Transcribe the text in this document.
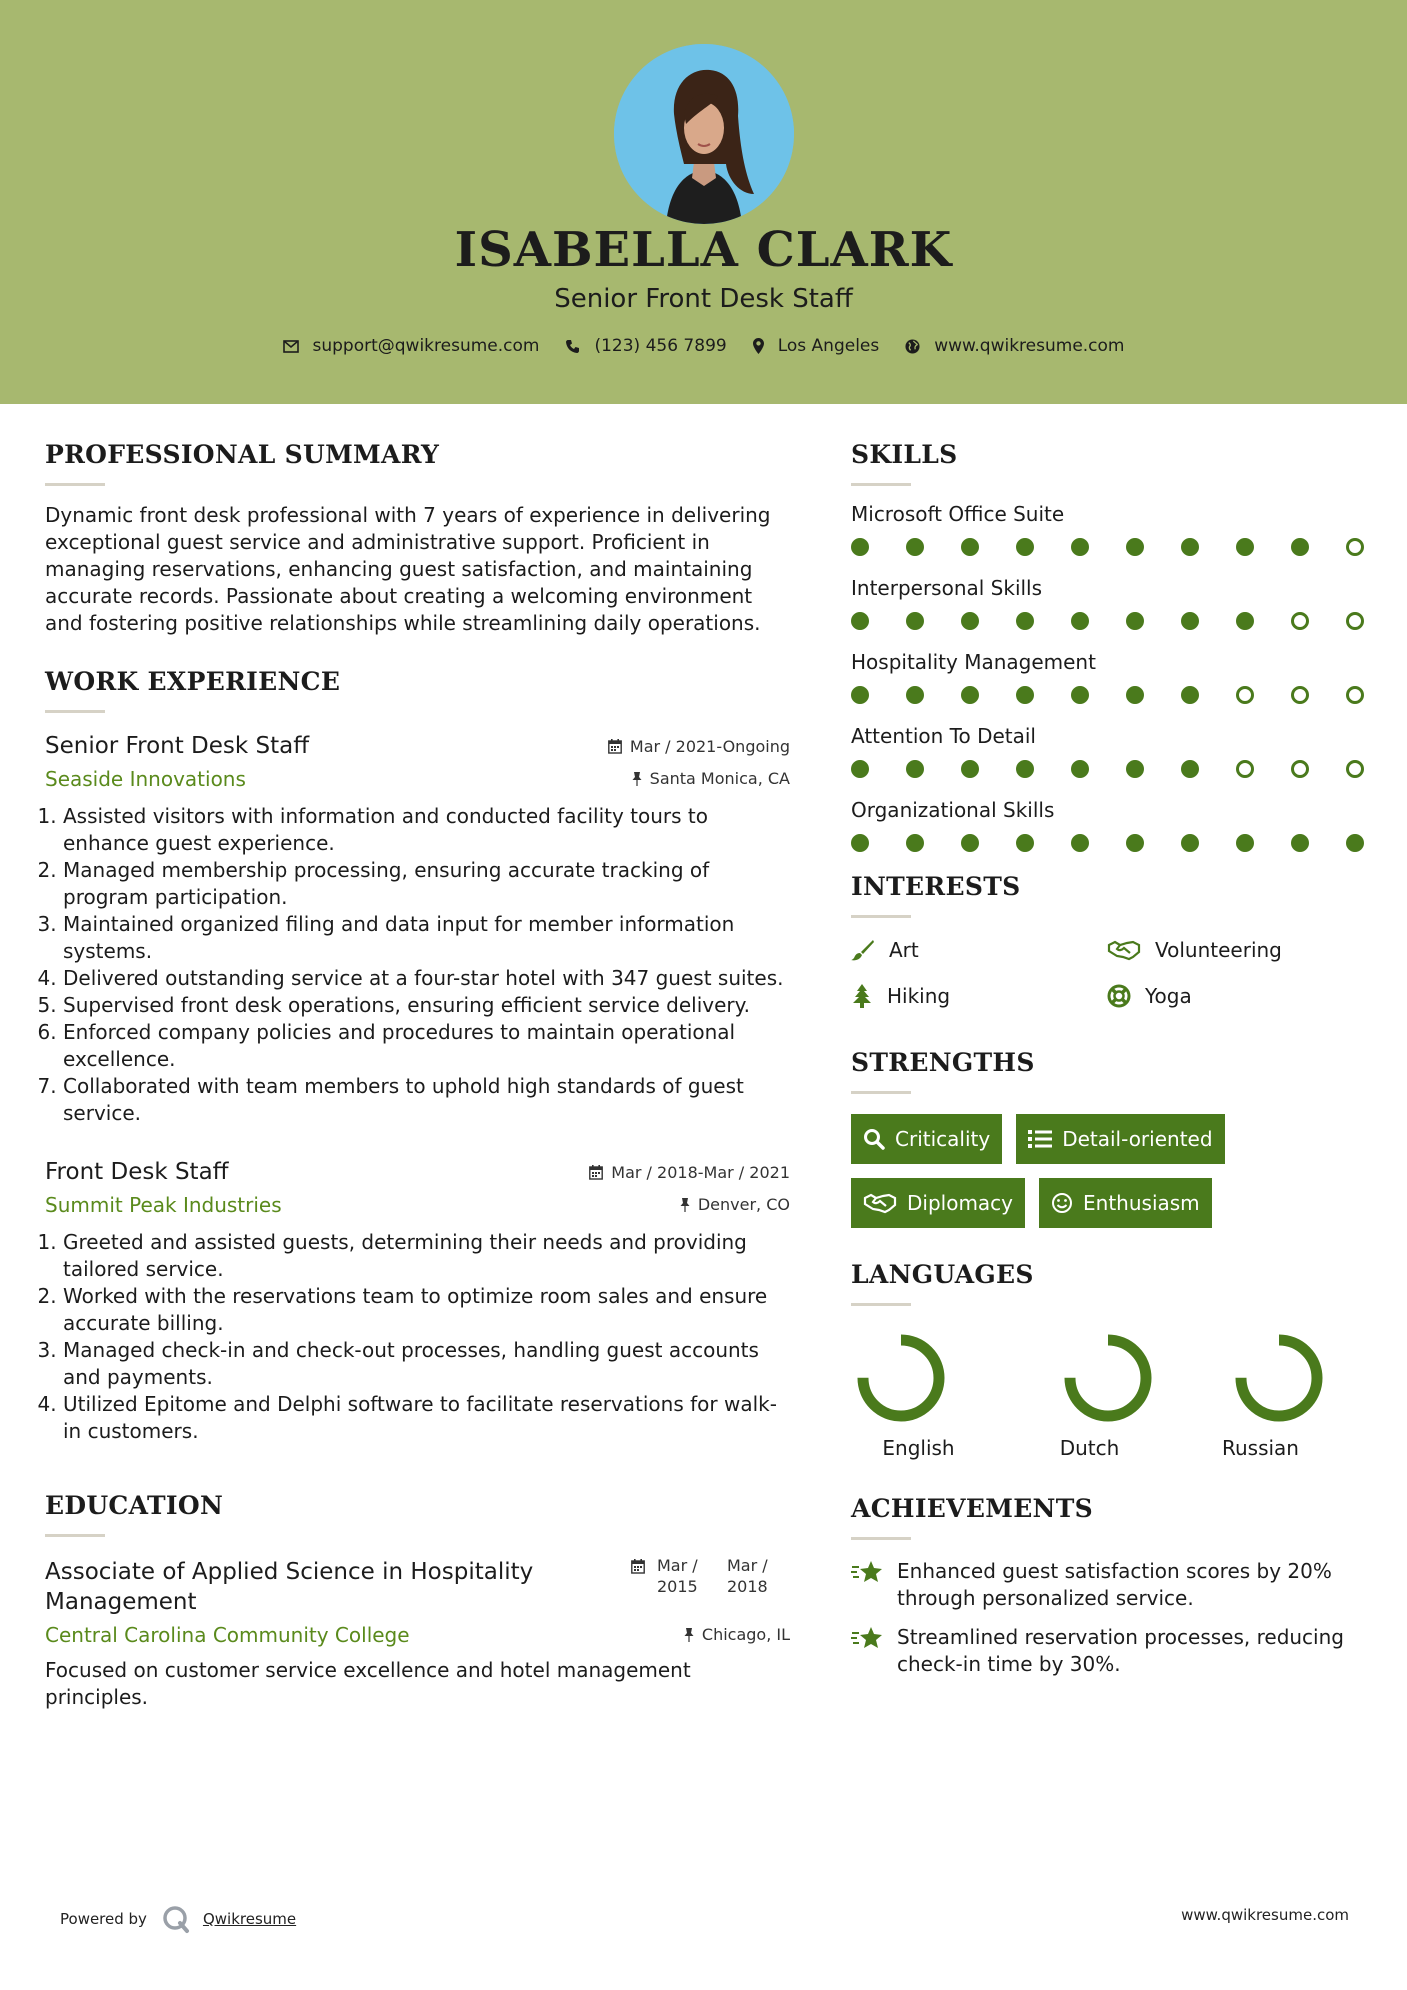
ISABELLA CLARK
Senior Front Desk Staff
support@qwikresume.com	(123) 456 7899	Los Angeles	www.qwikresume.com
PROFESSIONAL SUMMARY
Dynamic front desk professional with 7 years of experience in delivering exceptional guest service and administrative support. Proficient in managing reservations, enhancing guest satisfaction, and maintaining accurate records. Passionate about creating a welcoming environment and fostering positive relationships while streamlining daily operations.
WORK EXPERIENCE
Senior Front Desk Staff
Seaside Innovations
Mar / 2021-Ongoing
Santa Monica, CA
1. Assisted visitors with information and conducted facility tours to enhance guest experience.
2. Managed membership processing, ensuring accurate tracking of program participation.
3. Maintained organized filing and data input for member information systems.
4. Delivered outstanding service at a four-star hotel with 347 guest suites.
5. Supervised front desk operations, ensuring efficient service delivery.
6. Enforced company policies and procedures to maintain operational excellence.
7. Collaborated with team members to uphold high standards of guest service.
Front Desk Staff
Summit Peak Industries
Mar / 2018-Mar / 2021
Denver, CO
1. Greeted and assisted guests, determining their needs and providing tailored service.
2. Worked with the reservations team to optimize room sales and ensure accurate billing.
3. Managed check-in and check-out processes, handling guest accounts and payments.
4. Utilized Epitome and Delphi software to facilitate reservations for walk-in customers.
EDUCATION
Associate of Applied Science in Hospitality Management
Mar / 2015
Mar / 2018
Central Carolina Community College	Chicago, IL
Focused on customer service excellence and hotel management principles.
SKILLS
Microsoft Office Suite
Interpersonal Skills
Hospitality Management
Attention To Detail
Organizational Skills
INTERESTS
Art	Volunteering
Hiking	Yoga
STRENGTHS
Criticality	Detail-oriented
Diplomacy	Enthusiasm
LANGUAGES
English	Dutch	Russian
ACHIEVEMENTS
Enhanced guest satisfaction scores by 20% through personalized service.
Streamlined reservation processes, reducing check-in time by 30%.
Powered by	Qwikresume	www.qwikresume.com
